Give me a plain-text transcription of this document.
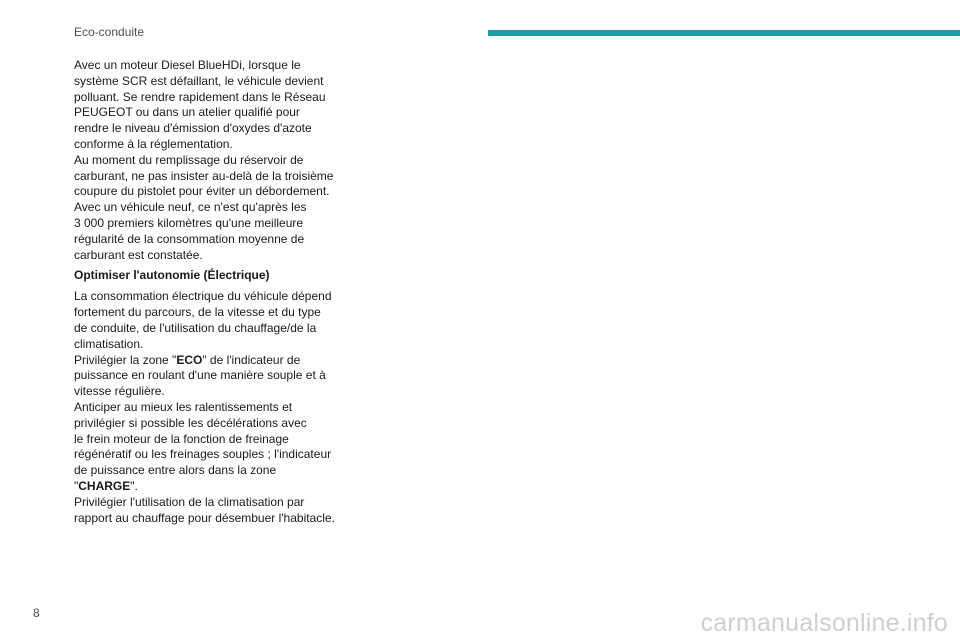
Eco-conduite

Avec un moteur Diesel BlueHDi, lorsque le
système SCR est défaillant, le véhicule devient
polluant. Se rendre rapidement dans le Réseau
PEUGEOT ou dans un atelier qualifié pour
rendre le niveau d'émission d'oxydes d'azote
conforme à la réglementation.

Au moment du remplissage du réservoir de
carburant, ne pas insister au-delà de la troisième
coupure du pistolet pour éviter un débordement.

Avec un véhicule neuf, ce n'est qu'après les
3 000 premiers kilomètres qu'une meilleure
régularité de la consommation moyenne de
carburant est constatée.

Optimiser l'autonomie (Électrique)

La consommation électrique du véhicule dépend
fortement du parcours, de la vitesse et du type
de conduite, de l'utilisation du chauffage/de la
climatisation.

Privilégier la zone "ECO" de l'indicateur de
puissance en roulant d'une manière souple et à
vitesse régulière.

Anticiper au mieux les ralentissements et
privilégier si possible les décélérations avec
le frein moteur de la fonction de freinage
régénératif ou les freinages souples ; l'indicateur
de puissance entre alors dans la zone
"CHARGE".

Privilégier l'utilisation de la climatisation par
rapport au chauffage pour désembuer l'habitacle.

8	carmanualsonline.info
